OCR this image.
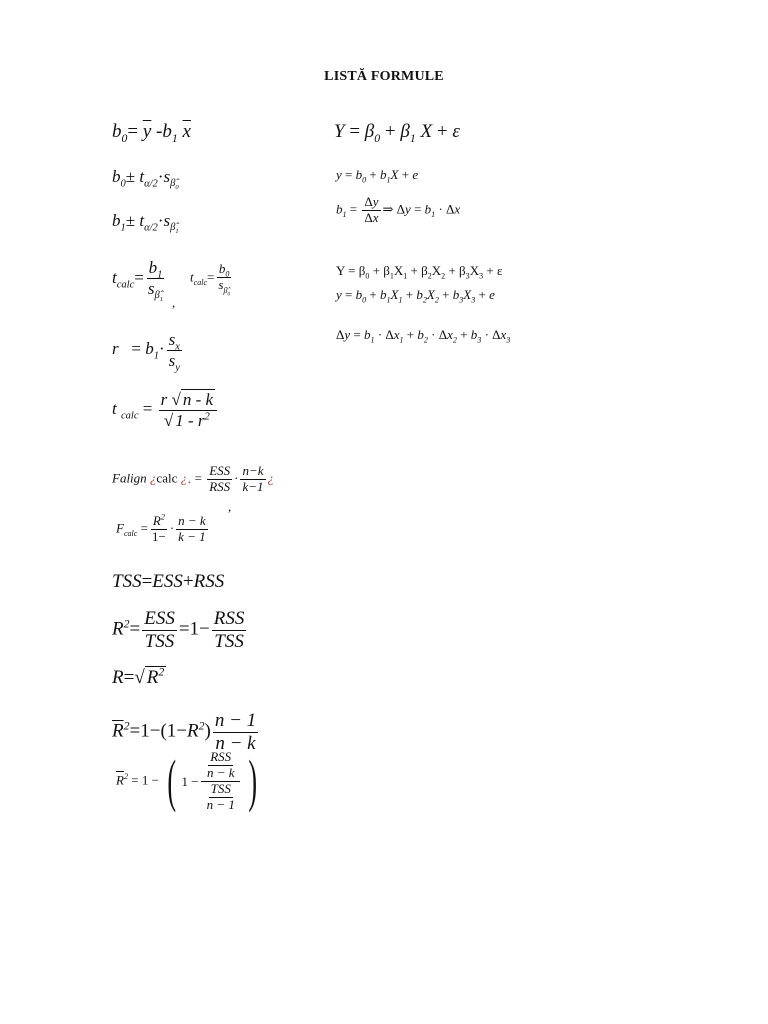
LISTĂ FORMULE
$b_0= \overline{y}$ $-b_1$ $\overline{x}$
$b_0\pm t_{\alpha/2}\cdot s_{\betâ_0}$
$b_1\pm t_{\alpha/2}\cdot s_{\betâ_1}$
$t_{calc}= \frac{b_1}{s_{\betâ_1}}$
,
$t_{calc}= \frac{b_0}{s_{\betâ_0}}$
$r = b_1\cdot \frac{s_x}{s_y}$
t $_{calc} = \frac{r √ n - k}{√ 1 - r^2}$
Falign ¿calc ¿$_{^+} = \frac{\text{ESS}}{\text{RSS}} \cdot \frac{n-k}{k-1}$ ¿
,
$F_{calc} = \frac{R^2}{1-} \cdot \frac{n - k}{k - 1}$
TSS=ESS+RSS
$R^2= \frac{\text{ESS}}{\text{TSS}} =1- \frac{\text{RSS}}{\text{TSS}}$
R=√ $R^2$
$\overline{R}^2=1-(1-R^2) \frac{n - 1}{n - k}$
$\overline{R}^2 = 1$ − ( $1 - \frac{\frac{\text{RSS}}{n - k}}{\frac{\text{TSS}}{n - 1}}$ )
$Y = \beta_0 + \beta_1$ X + ε
$y = b_0 + b_1X + e$
$b_1 = \frac{\Delta y}{\Delta x}$ ⇒ $\Delta y = b_1 \cdot \Delta x$
$Y = \beta_0 + \beta_1X_1 + \beta_2X_2 + \beta_3X_3 + \varepsilon$
$y = b_0 + b_1X_1 + b_2X_2 + b_3X_3 + e$
$\Delta y = b_1 \cdot \Delta x_1 + b_2 \cdot \Delta x_2 + b_3 \cdot \Delta x_3$
